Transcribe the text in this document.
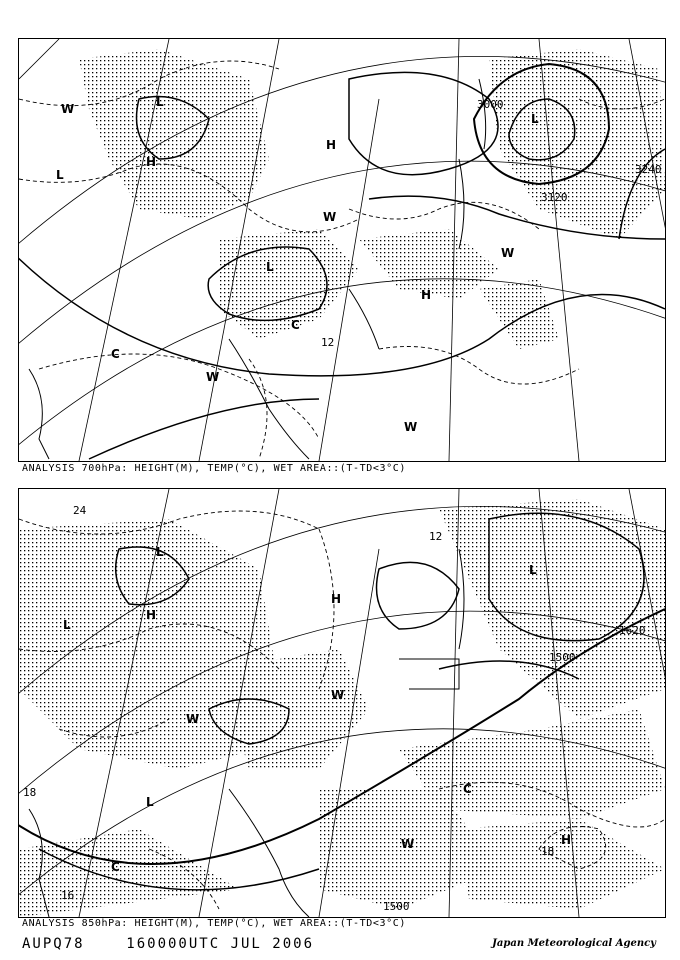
L
H
L
H
L
L
H
W
W
W
W
W
C
C
3000
3120
3240
12
ANALYSIS 700hPa: HEIGHT(M), TEMP(°C), WET AREA::(T-TD<3°C)
L
H
L
H
L
W
W
W
C
C
L
H
24
12
1500
1620
18
16
1500
18
ANALYSIS 850hPa: HEIGHT(M), TEMP(°C), WET AREA::(T-TD<3°C)
AUPQ78    160000UTC JUL 2006	Japan Meteorological Agency
